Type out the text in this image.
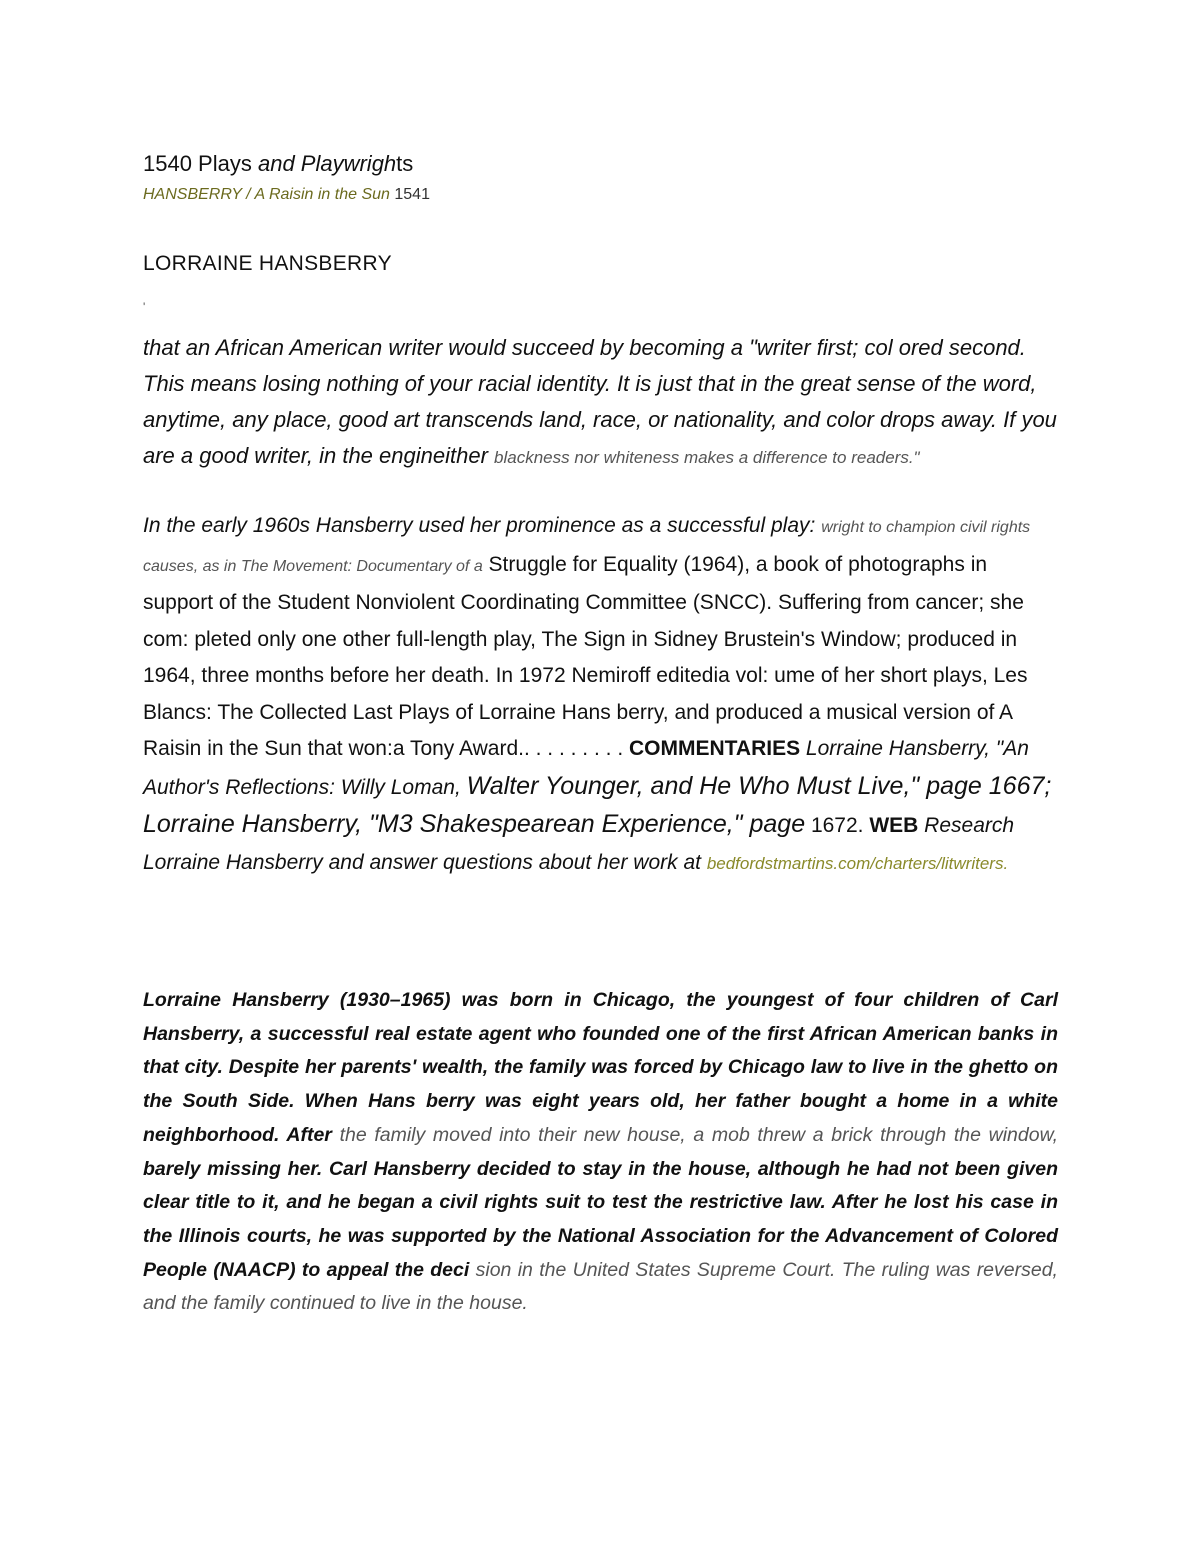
1540 Plays and Playwrights

HANSBERRY / A Raisin in the Sun 1541

LORRAINE HANSBERRY

'

that an African American writer would succeed by becoming a "writer first; col ored second. This means losing nothing of your racial identity. It is just that in the great sense of the word, anytime, any place, good art transcends land, race, or nationality, and color drops away. If you are a good writer, in the engineither blackness nor whiteness makes a difference to readers."

In the early 1960s Hansberry used her prominence as a successful play: wright to champion civil rights causes, as in The Movement: Documentary of a Struggle for Equality (1964), a book of photographs in support of the Student Nonviolent Coordinating Committee (SNCC). Suffering from cancer; she com: pleted only one other full-length play, The Sign in Sidney Brustein's Window; produced in 1964, three months before her death. In 1972 Nemiroff editedia vol: ume of her short plays, Les Blancs: The Collected Last Plays of Lorraine Hans berry, and produced a musical version of A Raisin in the Sun that won:a Tony Award.. . . . . . . . . COMMENTARIES Lorraine Hansberry, "An Author's Reflections: Willy Loman, Walter Younger, and He Who Must Live," page 1667; Lorraine Hansberry, "M3 Shakespearean Experience," page 1672. WEB Research Lorraine Hansberry and answer questions about her work at bedfordstmartins.com/charters/litwriters.

Lorraine Hansberry (1930–1965) was born in Chicago, the youngest of four children of Carl Hansberry, a successful real estate agent who founded one of the first African American banks in that city. Despite her parents' wealth, the family was forced by Chicago law to live in the ghetto on the South Side. When Hans berry was eight years old, her father bought a home in a white neighborhood. After the family moved into their new house, a mob threw a brick through the window, barely missing her. Carl Hansberry decided to stay in the house, although he had not been given clear title to it, and he began a civil rights suit to test the restrictive law. After he lost his case in the Illinois courts, he was supported by the National Association for the Advancement of Colored People (NAACP) to appeal the deci sion in the United States Supreme Court. The ruling was reversed, and the family continued to live in the house.
